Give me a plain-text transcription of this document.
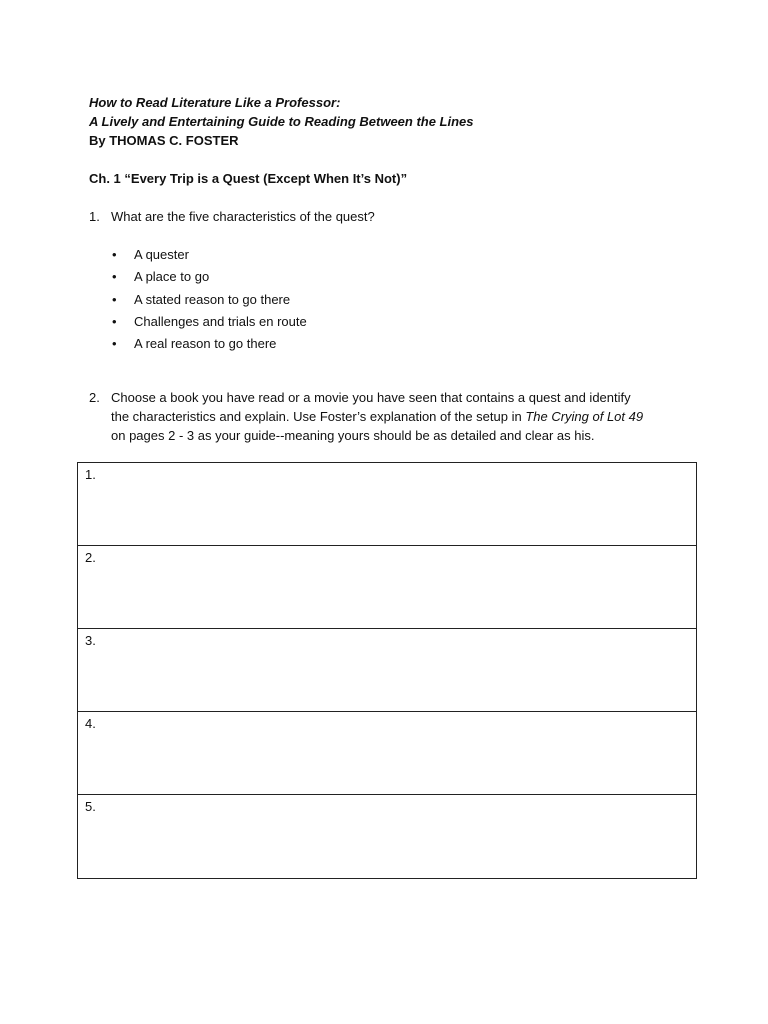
How to Read Literature Like a Professor:
A Lively and Entertaining Guide to Reading Between the Lines
By THOMAS C. FOSTER
Ch. 1 “Every Trip is a Quest (Except When It’s Not)”
1. What are the five characteristics of the quest?
• A quester
• A place to go
• A stated reason to go there
• Challenges and trials en route
• A real reason to go there
2. Choose a book you have read or a movie you have seen that contains a quest and identify
the characteristics and explain. Use Foster’s explanation of the setup in The Crying of Lot 49
on pages 2 - 3 as your guide--meaning yours should be as detailed and clear as his.
1.
2.
3.
4.
5.
